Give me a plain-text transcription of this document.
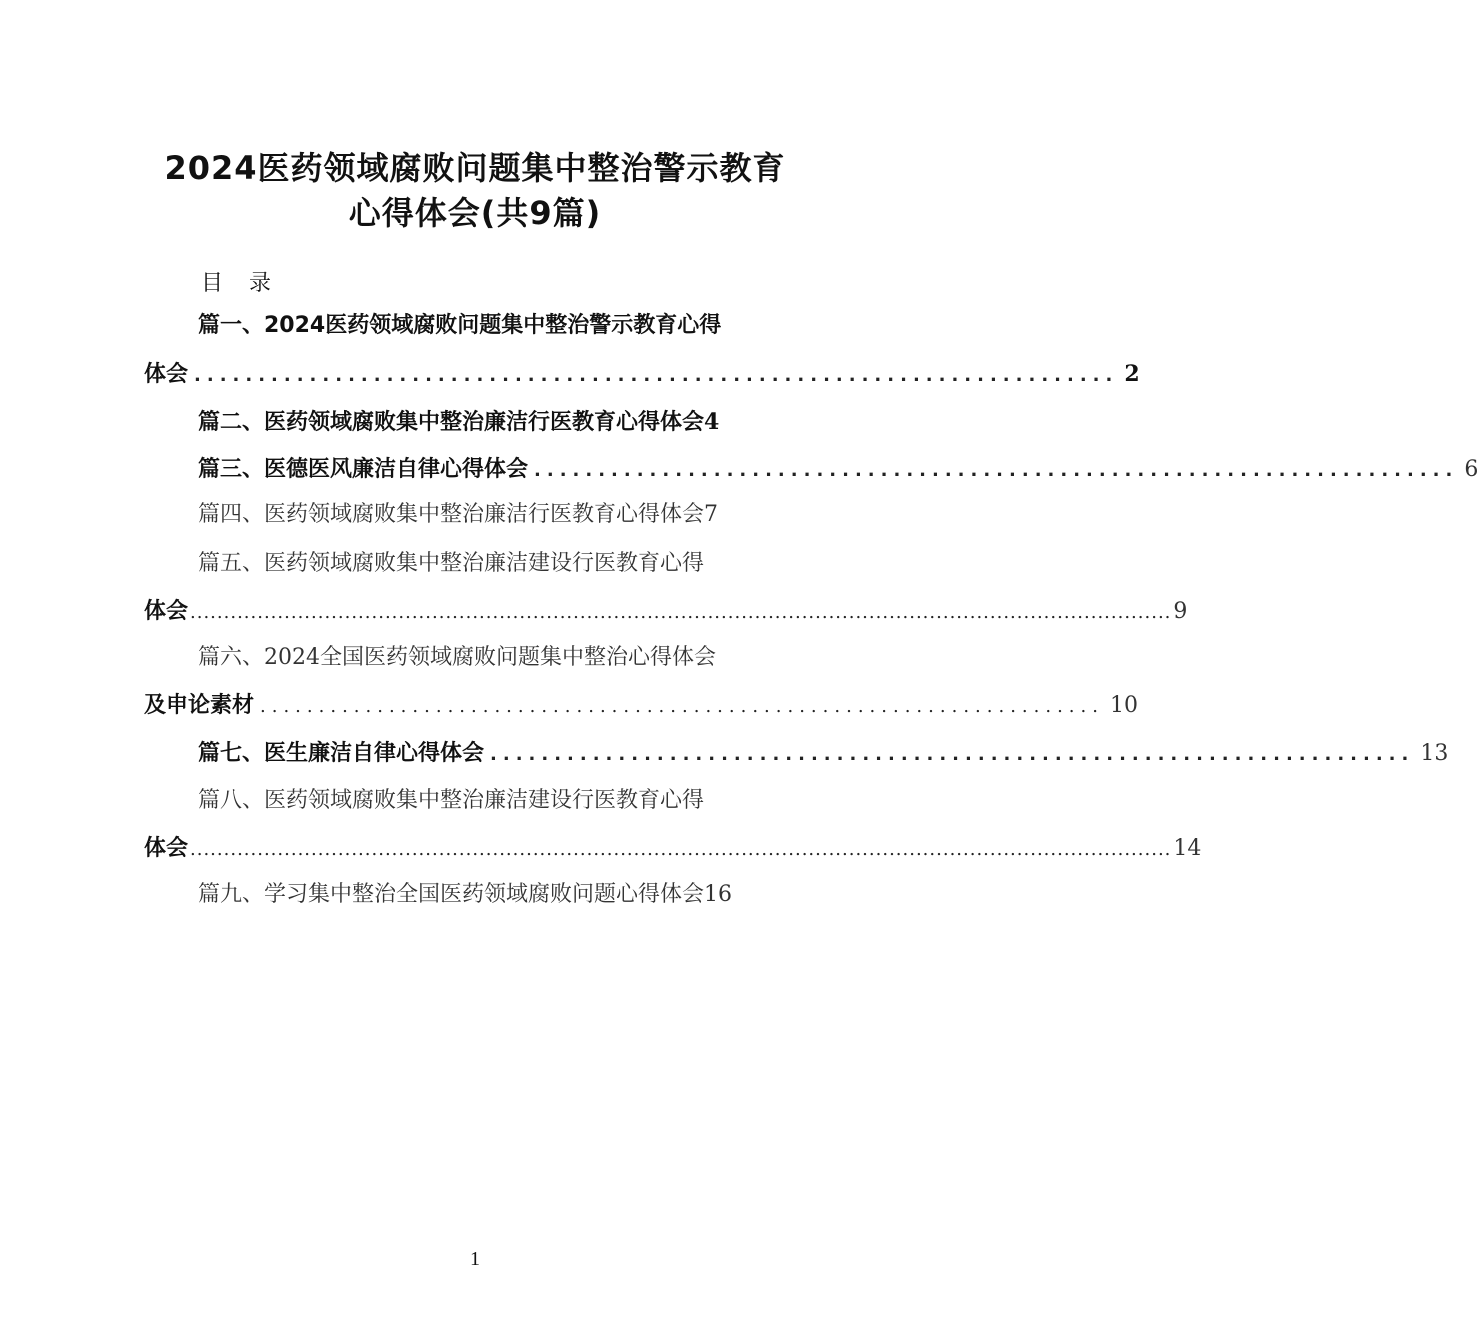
2024医药领域腐败问题集中整治警示教育
心得体会(共9篇)
目录
篇一、2024医药领域腐败问题集中整治警示教育心得
体会 ........................................................................ 2
篇二、医药领域腐败集中整治廉洁行医教育心得体会 4
篇三、医德医风廉洁自律心得体会 ........................................................................ 6
篇四、医药领域腐败集中整治廉洁行医教育心得体会 7
篇五、医药领域腐败集中整治廉洁建设行医教育心得
体会 .................................................................................................................................................. 9
篇六、2024全国医药领域腐败问题集中整治心得体会
及申论素材 ........................................................................ 10
篇七、医生廉洁自律心得体会 ........................................................................ 13
篇八、医药领域腐败集中整治廉洁建设行医教育心得
体会 .................................................................................................................................................. 14
篇九、学习集中整治全国医药领域腐败问题心得体会 16
1
